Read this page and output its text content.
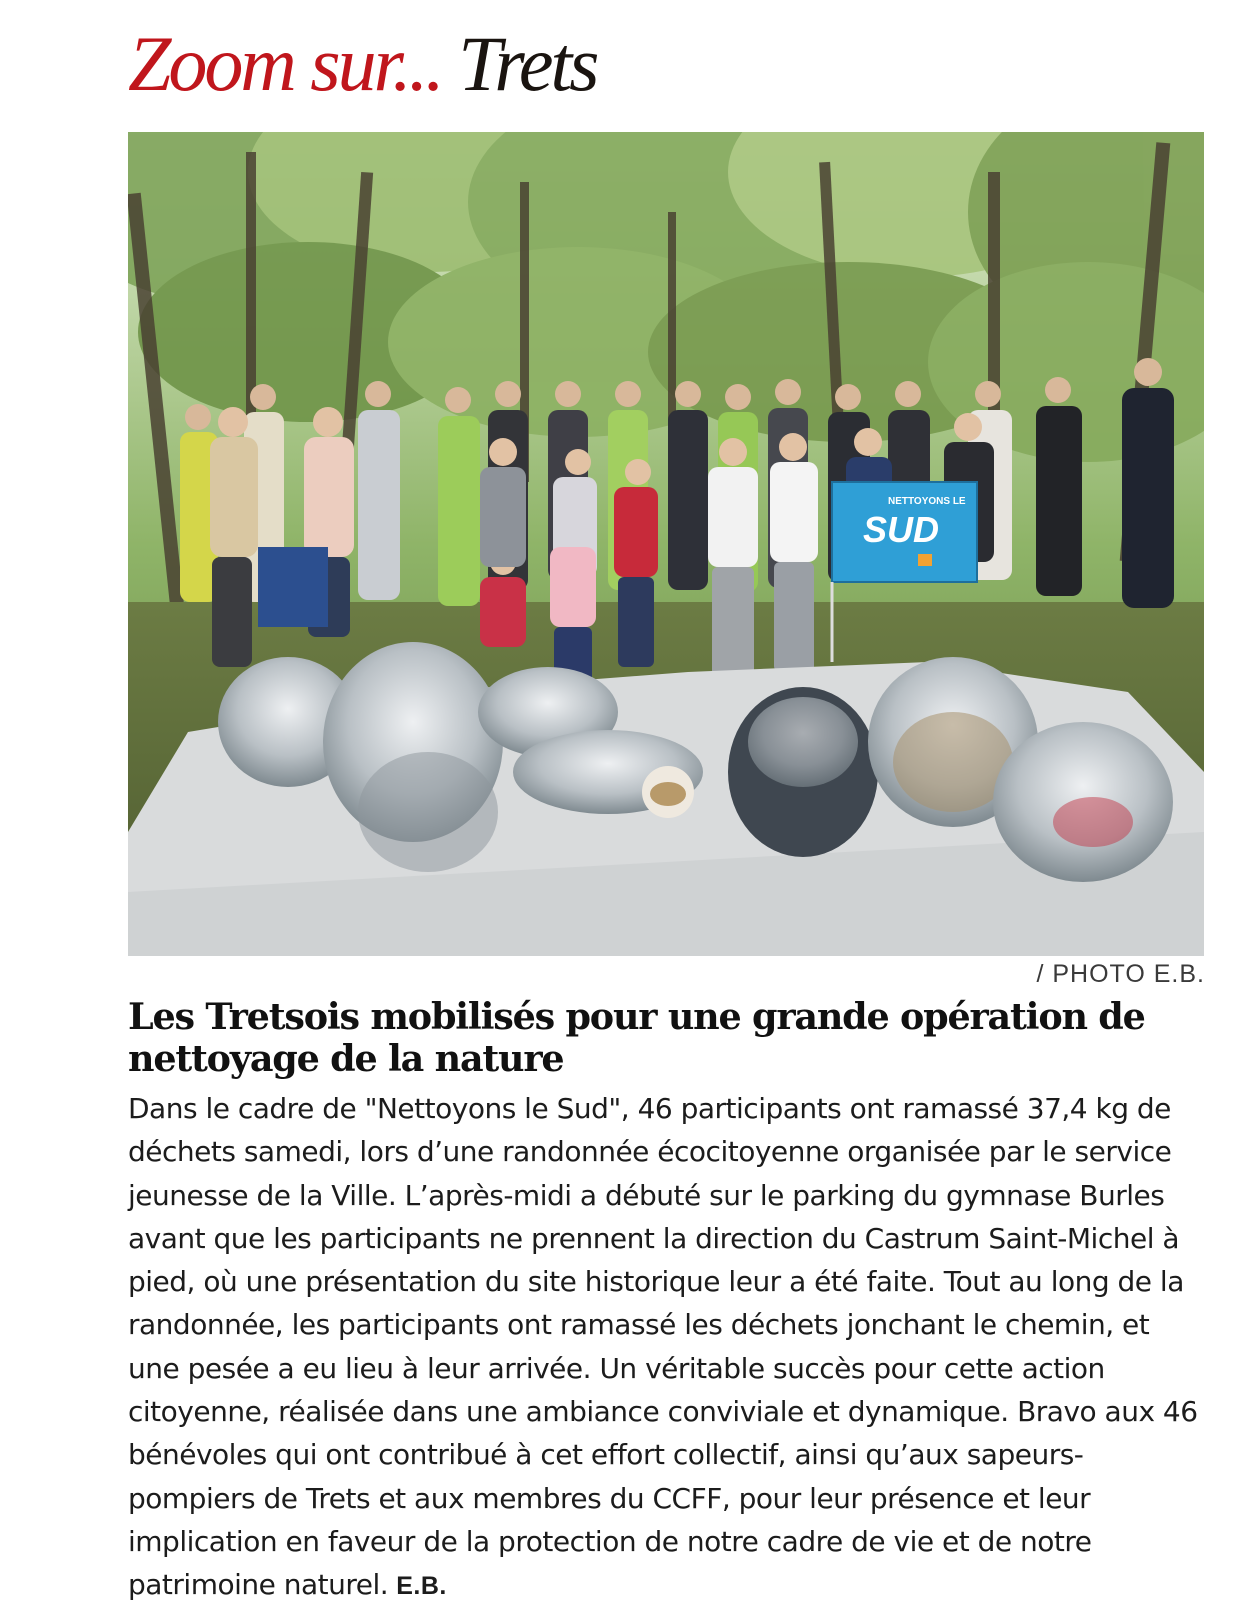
Zoom sur... Trets
NETTOYONS LE
SUD
/ PHOTO E.B.
Les Tretsois mobilisés pour une grande opération de nettoyage de la nature

Dans le cadre de "Nettoyons le Sud", 46 participants ont ramassé 37,4 kg de déchets samedi, lors d’une randonnée écocitoyenne organisée par le service jeunesse de la Ville. L’après-midi a débuté sur le parking du gymnase Burles avant que les participants ne prennent la direction du Castrum Saint-Michel à pied, où une présentation du site historique leur a été faite. Tout au long de la randonnée, les participants ont ramassé les déchets jonchant le chemin, et une pesée a eu lieu à leur arrivée. Un véritable succès pour cette action citoyenne, réalisée dans une ambiance conviviale et dynamique. Bravo aux 46 bénévoles qui ont contribué à cet effort collectif, ainsi qu’aux sapeurs-pompiers de Trets et aux membres du CCFF, pour leur présence et leur implication en faveur de la protection de notre cadre de vie et de notre patrimoine naturel. E.B.
